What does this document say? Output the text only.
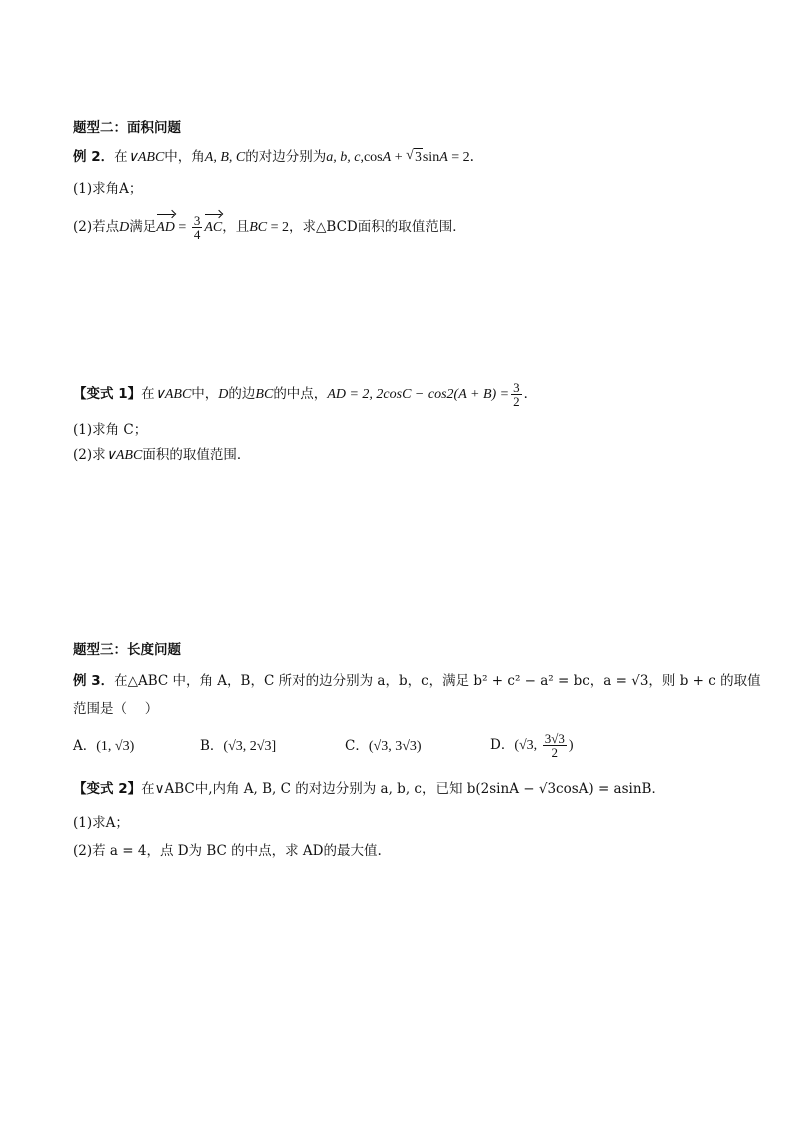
题型二：面积问题
例 2．在∨ABC中，角A, B, C的对边分别为a, b, c,cosA + √ 3sinA = 2．
(1)求角A；
(2)若点D满足AD = $\frac{3}{4}$ AC，且BC = 2，求△BCD面积的取值范围．
【变式 1】在∨ABC中，D的边BC的中点，AD = 2, $2\cos C - \cos 2(A + B) = \frac{3}{2}$ ．
(1)求角 C；
(2)求∨ABC面积的取值范围．
题型三：长度问题
例 3．在△ABC 中，角 A，B，C 所对的边分别为 a，b，c，满足 b² + c² − a² = bc，a = √3，则 b + c 的取值
范围是（　 ）
A．(1, √3)	B．(√3, 2√3]	C．(√3, 3√3)	D．(√3, $\frac{3√3}{2}$ )
【变式 2】在∨ABC中,内角 A, B, C 的对边分别为 a, b, c，已知 b(2sinA − √3cosA) = asinB．
(1)求A；
(2)若 a = 4，点 D为 BC 的中点，求 AD的最大值.
